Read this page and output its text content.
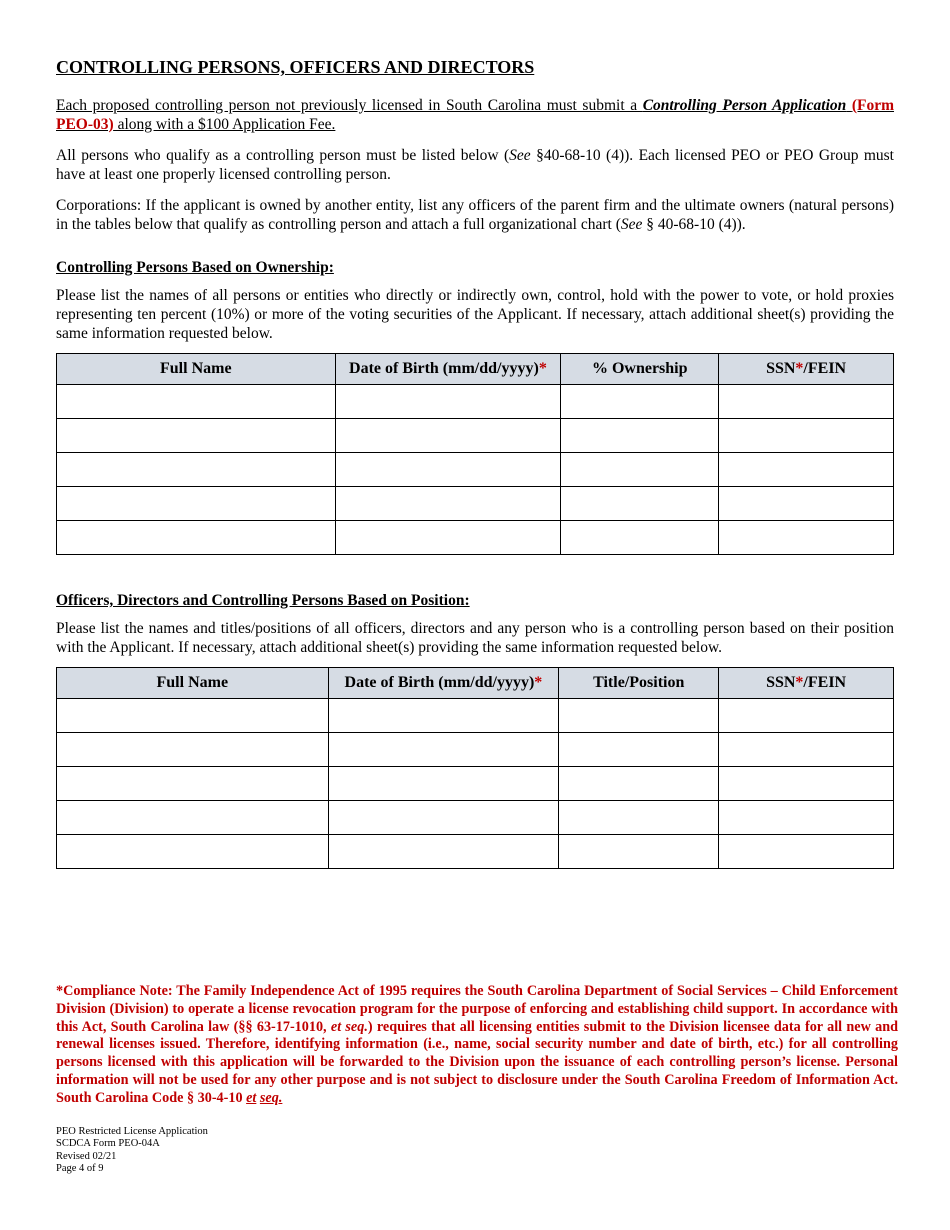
CONTROLLING PERSONS, OFFICERS AND DIRECTORS

Each proposed controlling person not previously licensed in South Carolina must submit a Controlling Person Application (Form PEO-03) along with a $100 Application Fee.

All persons who qualify as a controlling person must be listed below (See §40-68-10 (4)). Each licensed PEO or PEO Group must have at least one properly licensed controlling person.

Corporations: If the applicant is owned by another entity, list any officers of the parent firm and the ultimate owners (natural persons) in the tables below that qualify as controlling person and attach a full organizational chart (See § 40-68-10 (4)).

Controlling Persons Based on Ownership:

Please list the names of all persons or entities who directly or indirectly own, control, hold with the power to vote, or hold proxies representing ten percent (10%) or more of the voting securities of the Applicant. If necessary, attach additional sheet(s) providing the same information requested below.

Full Name	Date of Birth (mm/dd/yyyy)*	% Ownership	SSN*/FEIN

Officers, Directors and Controlling Persons Based on Position:

Please list the names and titles/positions of all officers, directors and any person who is a controlling person based on their position with the Applicant. If necessary, attach additional sheet(s) providing the same information requested below.

Full Name	Date of Birth (mm/dd/yyyy)*	Title/Position	SSN*/FEIN

*Compliance Note: The Family Independence Act of 1995 requires the South Carolina Department of Social Services – Child Enforcement Division (Division) to operate a license revocation program for the purpose of enforcing and establishing child support. In accordance with this Act, South Carolina law (§§ 63-17-1010, et seq.) requires that all licensing entities submit to the Division licensee data for all new and renewal licenses issued. Therefore, identifying information (i.e., name, social security number and date of birth, etc.) for all controlling persons licensed with this application will be forwarded to the Division upon the issuance of each controlling person’s license. Personal information will not be used for any other purpose and is not subject to disclosure under the South Carolina Freedom of Information Act. South Carolina Code § 30-4-10 et seq.

PEO Restricted License Application
SCDCA Form PEO-04A
Revised 02/21
Page 4 of 9
